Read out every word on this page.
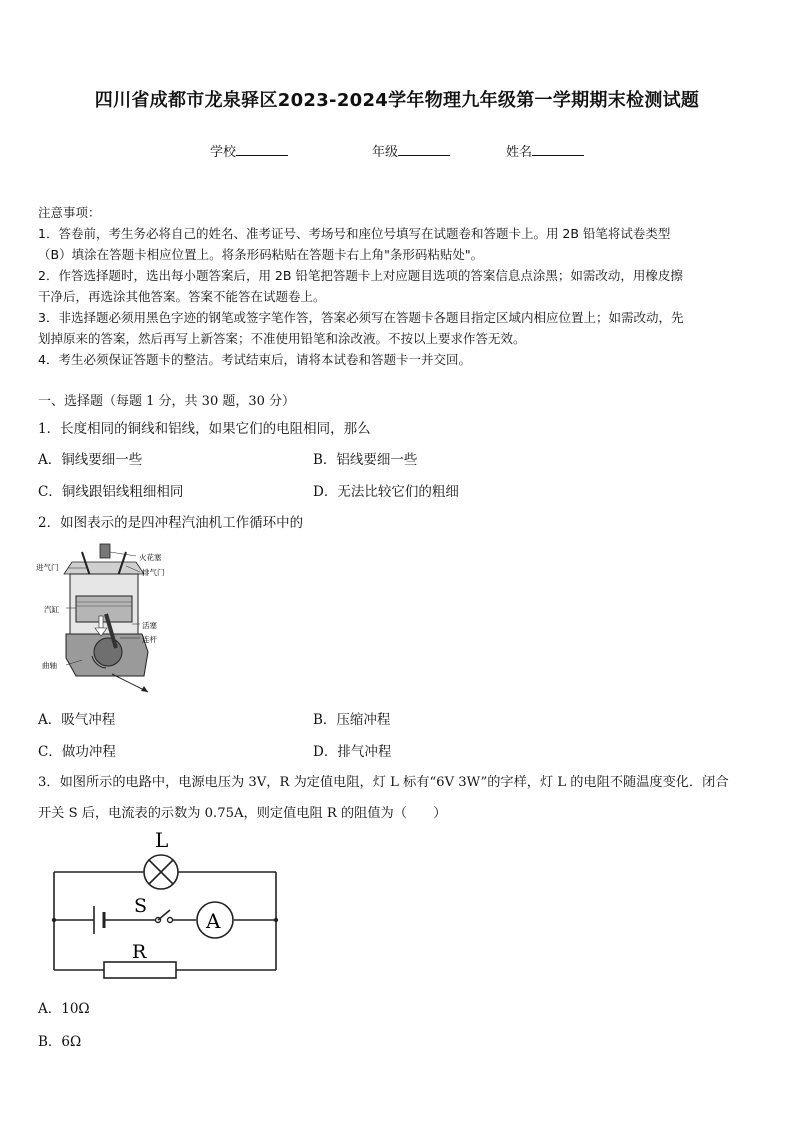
四川省成都市龙泉驿区2023-2024学年物理九年级第一学期期末检测试题
学校	年级	姓名
注意事项：
1．答卷前，考生务必将自己的姓名、准考证号、考场号和座位号填写在试题卷和答题卡上。用 2B 铅笔将试卷类型
（B）填涂在答题卡相应位置上。将条形码粘贴在答题卡右上角"条形码粘贴处"。
2．作答选择题时，选出每小题答案后，用 2B 铅笔把答题卡上对应题目选项的答案信息点涂黑；如需改动，用橡皮擦
干净后，再选涂其他答案。答案不能答在试题卷上。
3．非选择题必须用黑色字迹的钢笔或签字笔作答，答案必须写在答题卡各题目指定区域内相应位置上；如需改动，先
划掉原来的答案，然后再写上新答案；不准使用铅笔和涂改液。不按以上要求作答无效。
4．考生必须保证答题卡的整洁。考试结束后，请将本试卷和答题卡一并交回。
一、选择题（每题 1 分，共 30 题，30 分）
1．长度相同的铜线和铝线，如果它们的电阻相同，那么
A．铜线要细一些	B．铝线要细一些
C．铜线跟铝线粗细相同	D．无法比较它们的粗细
2．如图表示的是四冲程汽油机工作循环中的
进气门
火花塞
排气门
汽缸
活塞
连杆
曲轴
A．吸气冲程	B．压缩冲程
C．做功冲程	D．排气冲程
3．如图所示的电路中，电源电压为 3V，R 为定值电阻，灯 L 标有“6V 3W”的字样，灯 L 的电阻不随温度变化．闭合
开关 S 后，电流表的示数为 0.75A，则定值电阻 R 的阻值为（　　）
L
S
A
R
A．10Ω
B．6Ω
